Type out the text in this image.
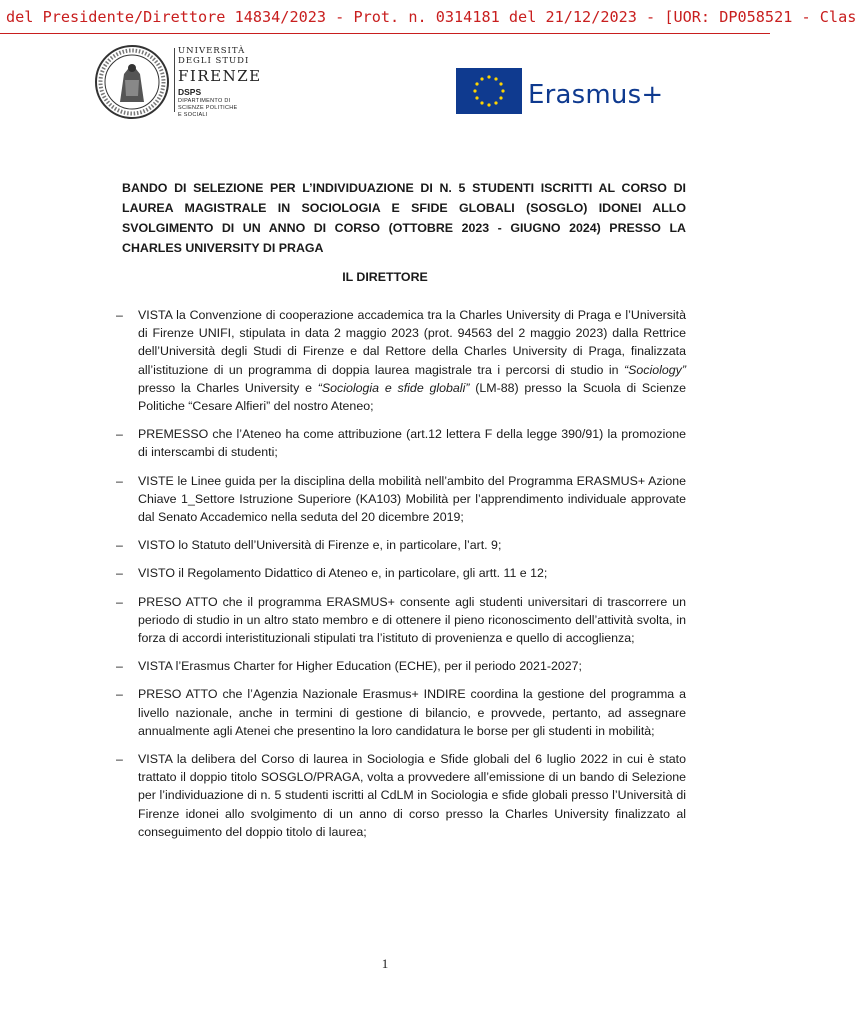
del Presidente/Direttore 14834/2023 - Prot. n. 0314181 del 21/12/2023 - [UOR: DP058521 - Clas
UNIVERSITÀ
DEGLI STUDI
FIRENZE
DSPS
DIPARTIMENTO DI
SCIENZE POLITICHE
E SOCIALI
Erasmus+
BANDO DI SELEZIONE PER L’INDIVIDUAZIONE DI N. 5 STUDENTI ISCRITTI AL CORSO DI LAUREA MAGISTRALE IN SOCIOLOGIA E SFIDE GLOBALI (SOSGLO) IDONEI ALLO SVOLGIMENTO DI UN ANNO DI CORSO (OTTOBRE 2023 - GIUGNO 2024) PRESSO LA CHARLES UNIVERSITY DI PRAGA
IL DIRETTORE
– VISTA la Convenzione di cooperazione accademica tra la Charles University di Praga e l’Università di Firenze UNIFI, stipulata in data 2 maggio 2023 (prot. 94563 del 2 maggio 2023) dalla Rettrice dell’Università degli Studi di Firenze e dal Rettore della Charles University di Praga, finalizzata all’istituzione di un programma di doppia laurea magistrale tra i percorsi di studio in “Sociology” presso la Charles University e “Sociologia e sfide globali” (LM-88) presso la Scuola di Scienze Politiche “Cesare Alfieri” del nostro Ateneo;
– PREMESSO che l’Ateneo ha come attribuzione (art.12 lettera F della legge 390/91) la promozione di interscambi di studenti;
– VISTE le Linee guida per la disciplina della mobilità nell’ambito del Programma ERASMUS+ Azione Chiave 1_Settore Istruzione Superiore (KA103) Mobilità per l’apprendimento individuale approvate dal Senato Accademico nella seduta del 20 dicembre 2019;
– VISTO lo Statuto dell’Università di Firenze e, in particolare, l’art. 9;
– VISTO il Regolamento Didattico di Ateneo e, in particolare, gli artt. 11 e 12;
– PRESO ATTO che il programma ERASMUS+ consente agli studenti universitari di trascorrere un periodo di studio in un altro stato membro e di ottenere il pieno riconoscimento dell’attività svolta, in forza di accordi interistituzionali stipulati tra l’istituto di provenienza e quello di accoglienza;
– VISTA l’Erasmus Charter for Higher Education (ECHE), per il periodo 2021-2027;
– PRESO ATTO che l’Agenzia Nazionale Erasmus+ INDIRE coordina la gestione del programma a livello nazionale, anche in termini di gestione di bilancio, e provvede, pertanto, ad assegnare annualmente agli Atenei che presentino la loro candidatura le borse per gli studenti in mobilità;
– VISTA la delibera del Corso di laurea in Sociologia e Sfide globali del 6 luglio 2022 in cui è stato trattato il doppio titolo SOSGLO/PRAGA, volta a provvedere all’emissione di un bando di Selezione per l’individuazione di n. 5 studenti iscritti al CdLM in Sociologia e sfide globali presso l’Università di Firenze idonei allo svolgimento di un anno di corso presso la Charles University finalizzato al conseguimento del doppio titolo di laurea;
1
